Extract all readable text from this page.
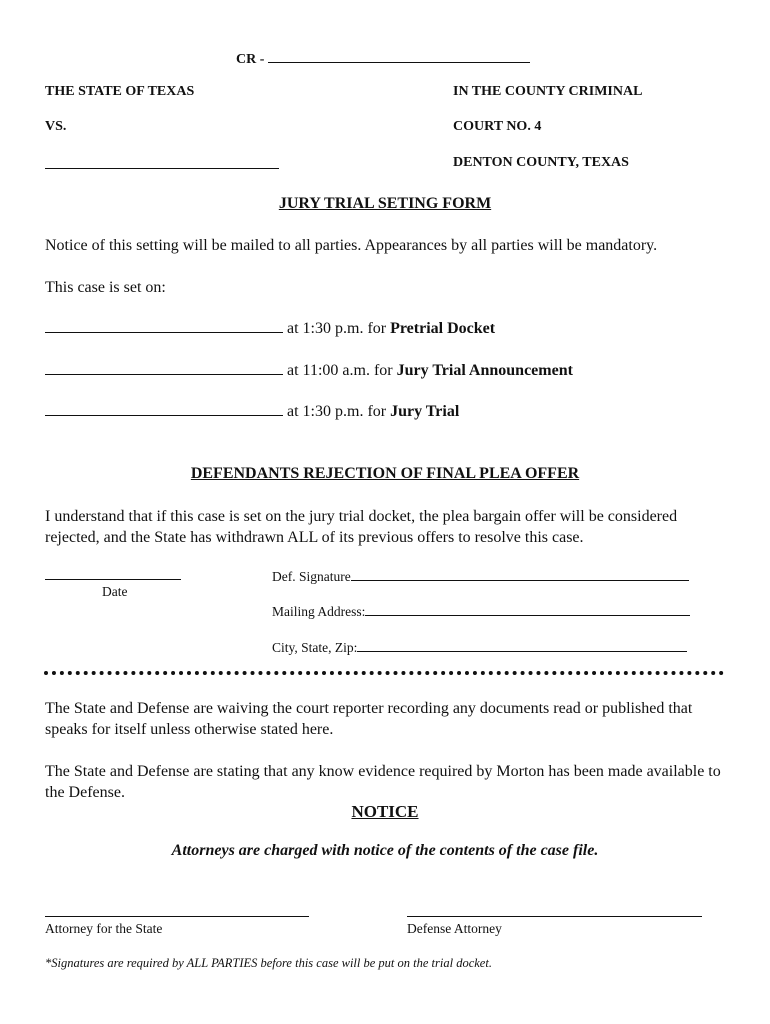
CR -
THE STATE OF TEXAS
VS.
IN THE COUNTY CRIMINAL
COURT NO. 4
DENTON COUNTY, TEXAS
JURY TRIAL SETING FORM
Notice of this setting will be mailed to all parties. Appearances by all parties will be mandatory.
This case is set on:
at 1:30 p.m. for Pretrial Docket
at 11:00 a.m. for Jury Trial Announcement
at 1:30 p.m. for Jury Trial
DEFENDANTS REJECTION OF FINAL PLEA OFFER
I understand that if this case is set on the jury trial docket, the plea bargain offer will be considered rejected, and the State has withdrawn ALL of its previous offers to resolve this case.
Date
Def. Signature
Mailing Address:
City, State, Zip:
The State and Defense are waiving the court reporter recording any documents read or published that speaks for itself unless otherwise stated here.
The State and Defense are stating that any know evidence required by Morton has been made available to the Defense.
NOTICE
Attorneys are charged with notice of the contents of the case file.
Attorney for the State	Defense Attorney
*Signatures are required by ALL PARTIES before this case will be put on the trial docket.
